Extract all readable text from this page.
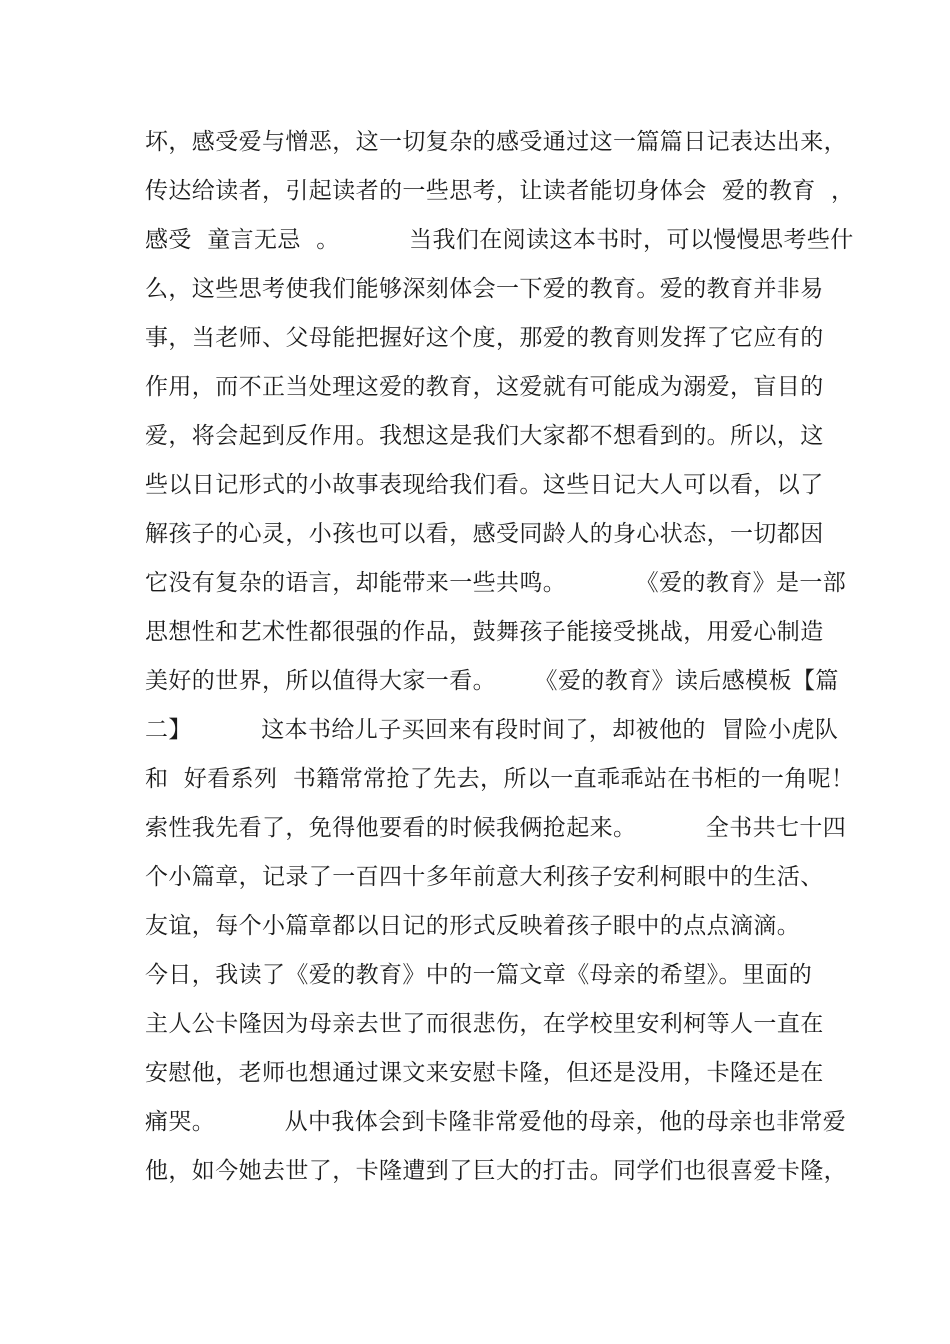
坏，感受爱与憎恶，这一切复杂的感受通过这一篇篇日记表达出来，
传达给读者，引起读者的一些思考，让读者能切身体会  爱的教育  ，
感受  童言无忌  。         当我们在阅读这本书时，可以慢慢思考些什
么，这些思考使我们能够深刻体会一下爱的教育。爱的教育并非易
事，当老师、父母能把握好这个度，那爱的教育则发挥了它应有的
作用，而不正当处理这爱的教育，这爱就有可能成为溺爱，盲目的
爱，将会起到反作用。我想这是我们大家都不想看到的。所以，这
些以日记形式的小故事表现给我们看。这些日记大人可以看，以了
解孩子的心灵，小孩也可以看，感受同龄人的身心状态，一切都因
它没有复杂的语言，却能带来一些共鸣。         《爱的教育》是一部
思想性和艺术性都很强的作品，鼓舞孩子能接受挑战，用爱心制造
美好的世界，所以值得大家一看。     《爱的教育》读后感模板【篇
二】         这本书给儿子买回来有段时间了，却被他的  冒险小虎队
和  好看系列  书籍常常抢了先去，所以一直乖乖站在书柜的一角呢！
索性我先看了，免得他要看的时候我俩抢起来。         全书共七十四
个小篇章，记录了一百四十多年前意大利孩子安利柯眼中的生活、
友谊，每个小篇章都以日记的形式反映着孩子眼中的点点滴滴。
今日，我读了《爱的教育》中的一篇文章《母亲的希望》。里面的
主人公卡隆因为母亲去世了而很悲伤，在学校里安利柯等人一直在
安慰他，老师也想通过课文来安慰卡隆，但还是没用，卡隆还是在
痛哭。         从中我体会到卡隆非常爱他的母亲，他的母亲也非常爱
他，如今她去世了，卡隆遭到了巨大的打击。同学们也很喜爱卡隆，
